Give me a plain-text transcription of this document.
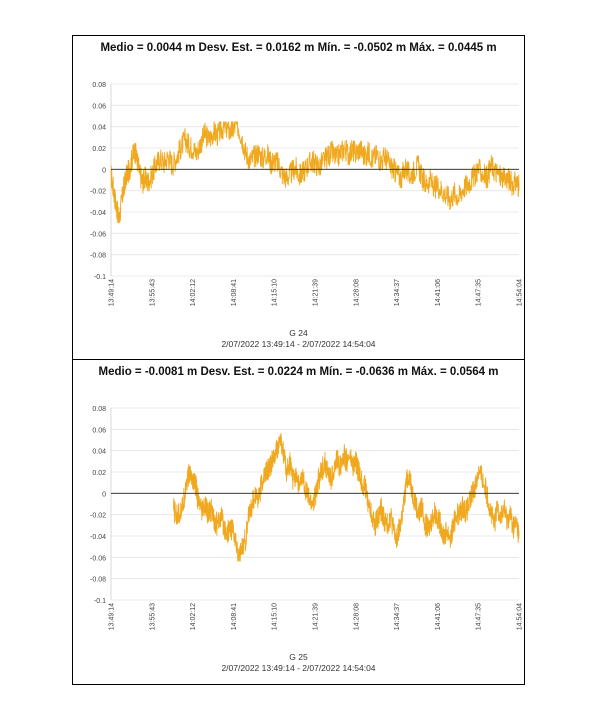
Medio = 0.0044 m Desv. Est. = 0.0162 m Mín. = -0.0502 m Máx. = 0.0445 m
0.08
0.06
0.04
0.02
0
-0.02
-0.04
-0.06
-0.08
-0.1
13:49:14	13:55:43	14:02:12	14:08:41	14:15:10	14:21:39	14:28:08	14:34:37	14:41:06	14:47:35	14:54:04
G 24
2/07/2022 13:49:14 - 2/07/2022 14:54:04
Medio = -0.0081 m Desv. Est. = 0.0224 m Mín. = -0.0636 m Máx. = 0.0564 m
0.08
0.06
0.04
0.02
0
-0.02
-0.04
-0.06
-0.08
-0.1
13:49:14	13:55:43	14:02:12	14:08:41	14:15:10	14:21:39	14:28:08	14:34:37	14:41:06	14:47:35	14:54:04
G 25
2/07/2022 13:49:14 - 2/07/2022 14:54:04
